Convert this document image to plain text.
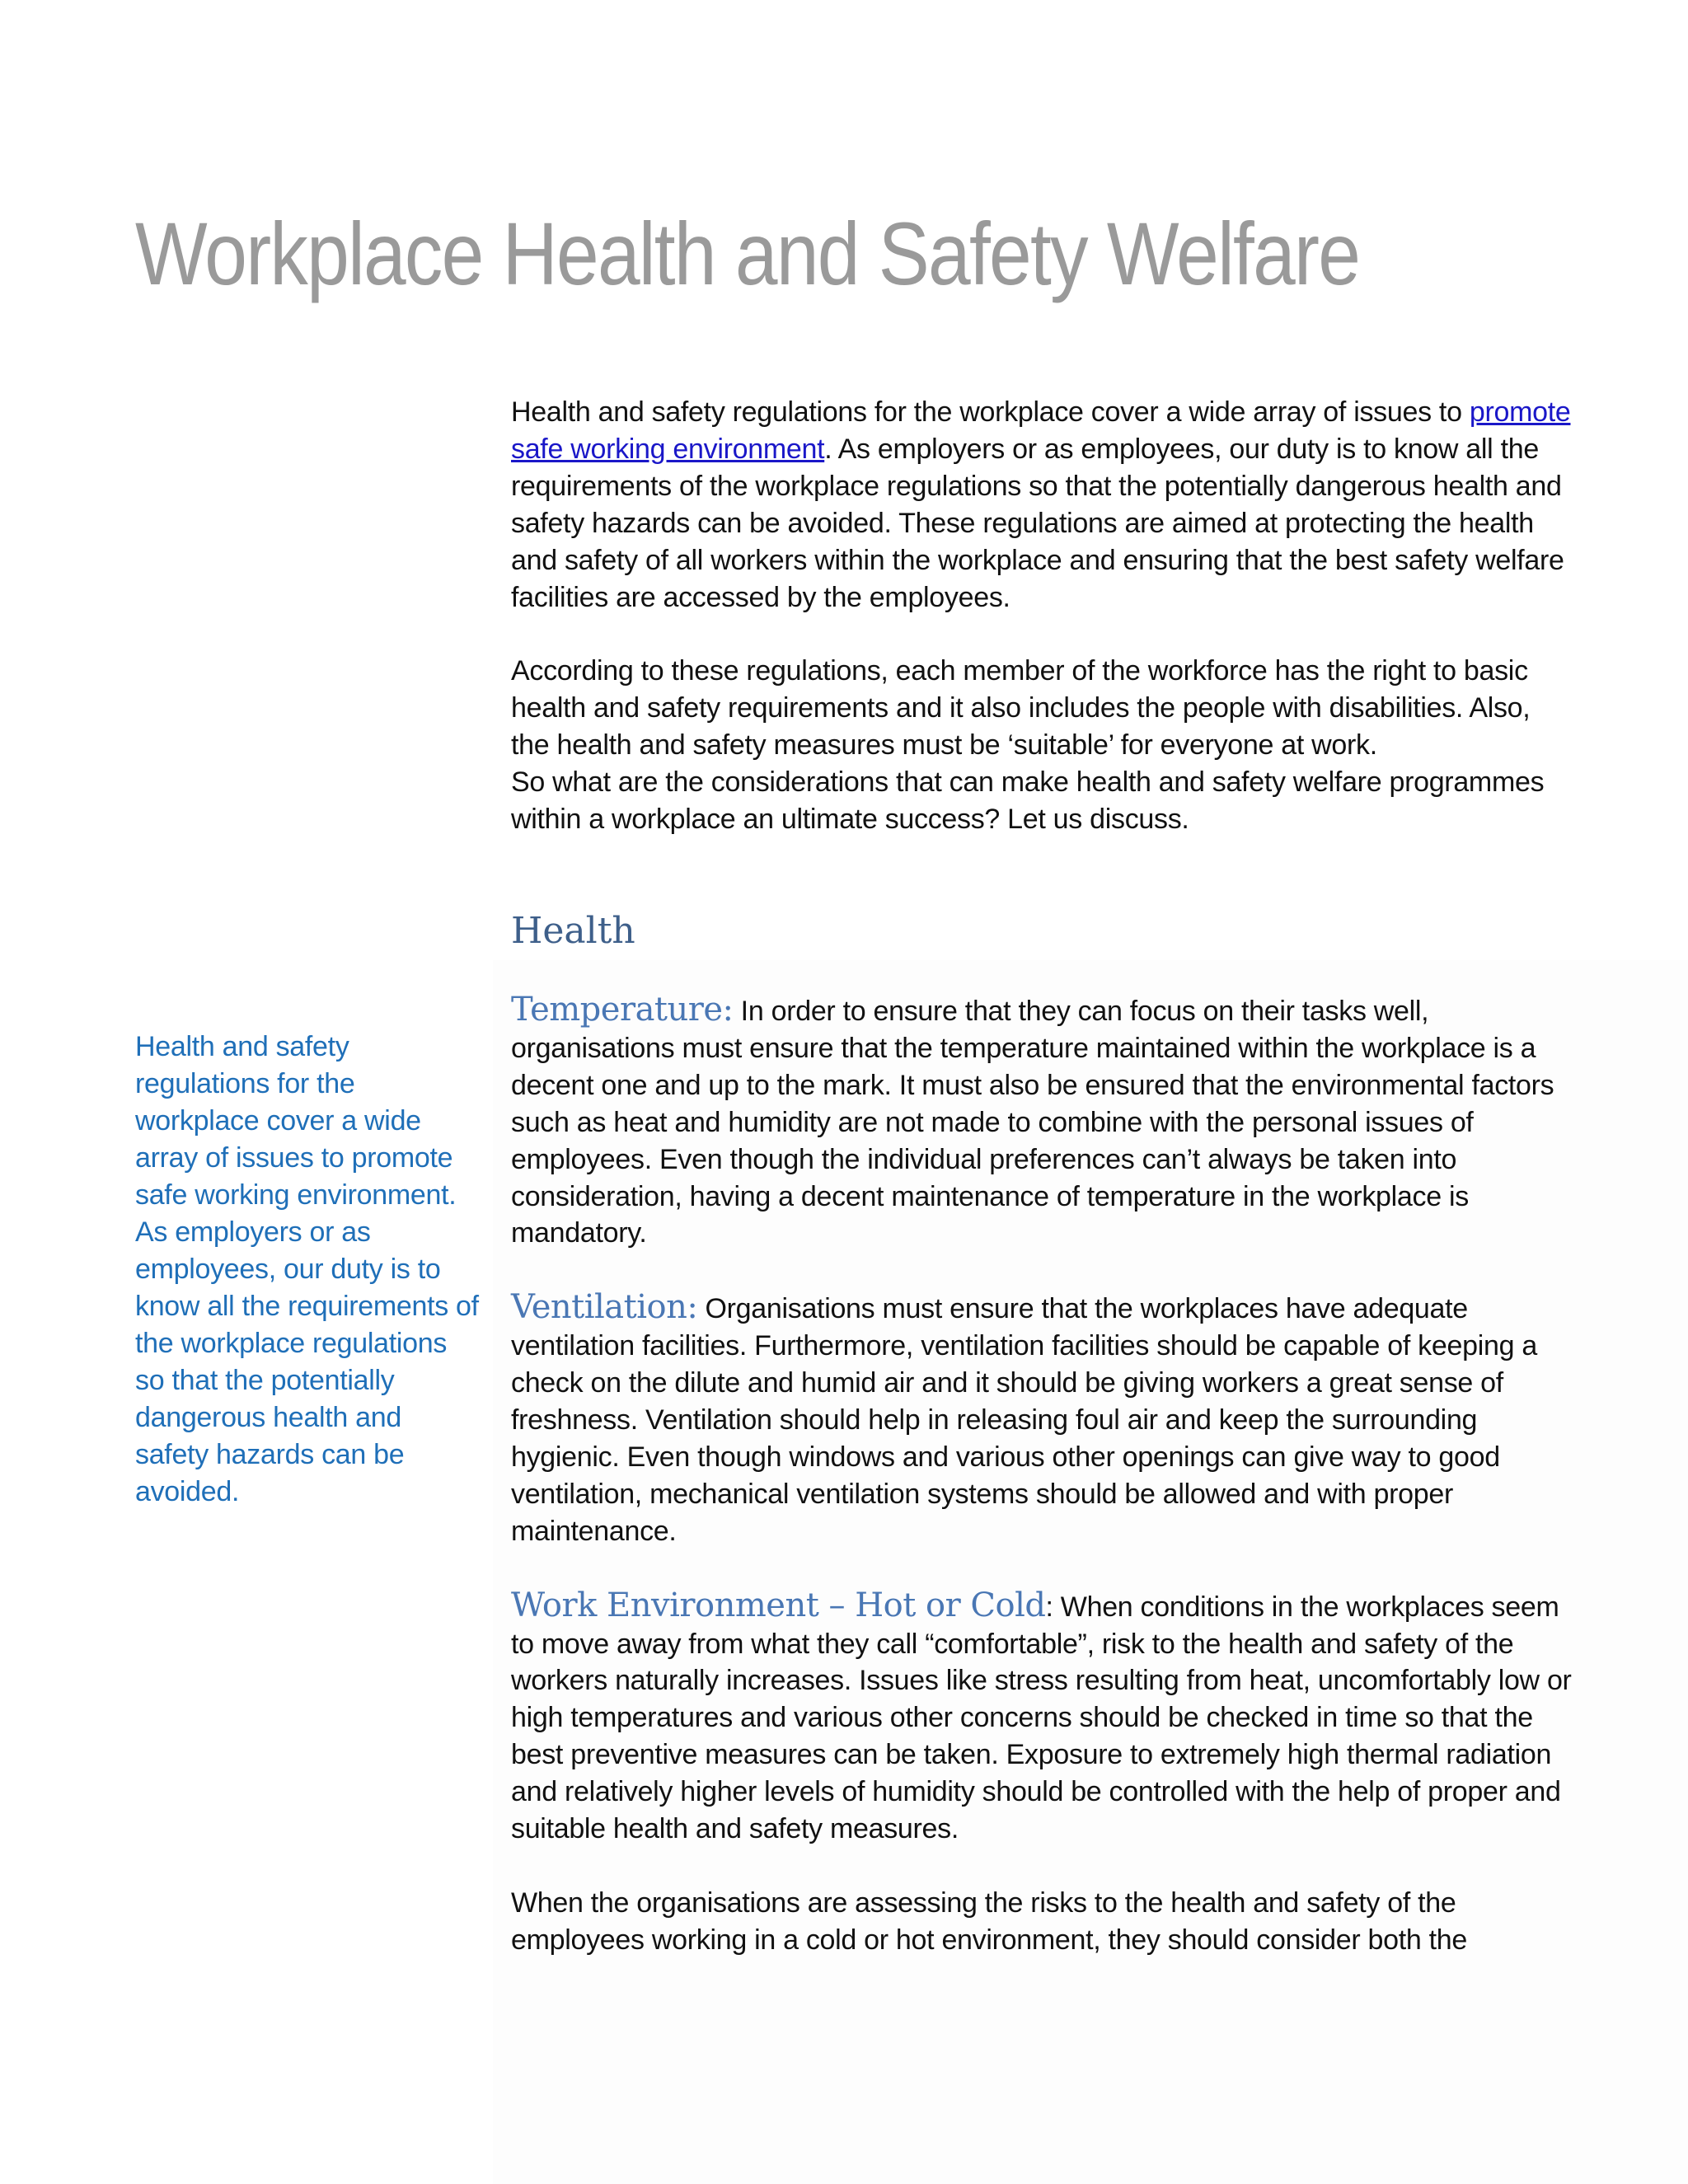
Workplace Health and Safety Welfare

Health and safety regulations for the workplace cover a wide array of issues to promote safe working environment. As employers or as employees, our duty is to know all the requirements of the workplace regulations so that the potentially dangerous health and safety hazards can be avoided. These regulations are aimed at protecting the health and safety of all workers within the workplace and ensuring that the best safety welfare facilities are accessed by the employees.

According to these regulations, each member of the workforce has the right to basic health and safety requirements and it also includes the people with disabilities. Also, the health and safety measures must be ‘suitable’ for everyone at work.

So what are the considerations that can make health and safety welfare programmes within a workplace an ultimate success? Let us discuss.

Health

Temperature: In order to ensure that they can focus on their tasks well, organisations must ensure that the temperature maintained within the workplace is a decent one and up to the mark. It must also be ensured that the environmental factors such as heat and humidity are not made to combine with the personal issues of employees. Even though the individual preferences can’t always be taken into consideration, having a decent maintenance of temperature in the workplace is mandatory.

Ventilation: Organisations must ensure that the workplaces have adequate ventilation facilities. Furthermore, ventilation facilities should be capable of keeping a check on the dilute and humid air and it should be giving workers a great sense of freshness. Ventilation should help in releasing foul air and keep the surrounding hygienic. Even though windows and various other openings can give way to good ventilation, mechanical ventilation systems should be allowed and with proper maintenance.

Work Environment – Hot or Cold: When conditions in the workplaces seem to move away from what they call “comfortable”, risk to the health and safety of the workers naturally increases. Issues like stress resulting from heat, uncomfortably low or high temperatures and various other concerns should be checked in time so that the best preventive measures can be taken. Exposure to extremely high thermal radiation and relatively higher levels of humidity should be controlled with the help of proper and suitable health and safety measures.

When the organisations are assessing the risks to the health and safety of the employees working in a cold or hot environment, they should consider both the

Health and safety regulations for the workplace cover a wide array of issues to promote safe working environment. As employers or as employees, our duty is to know all the requirements of the workplace regulations so that the potentially dangerous health and safety hazards can be avoided.
